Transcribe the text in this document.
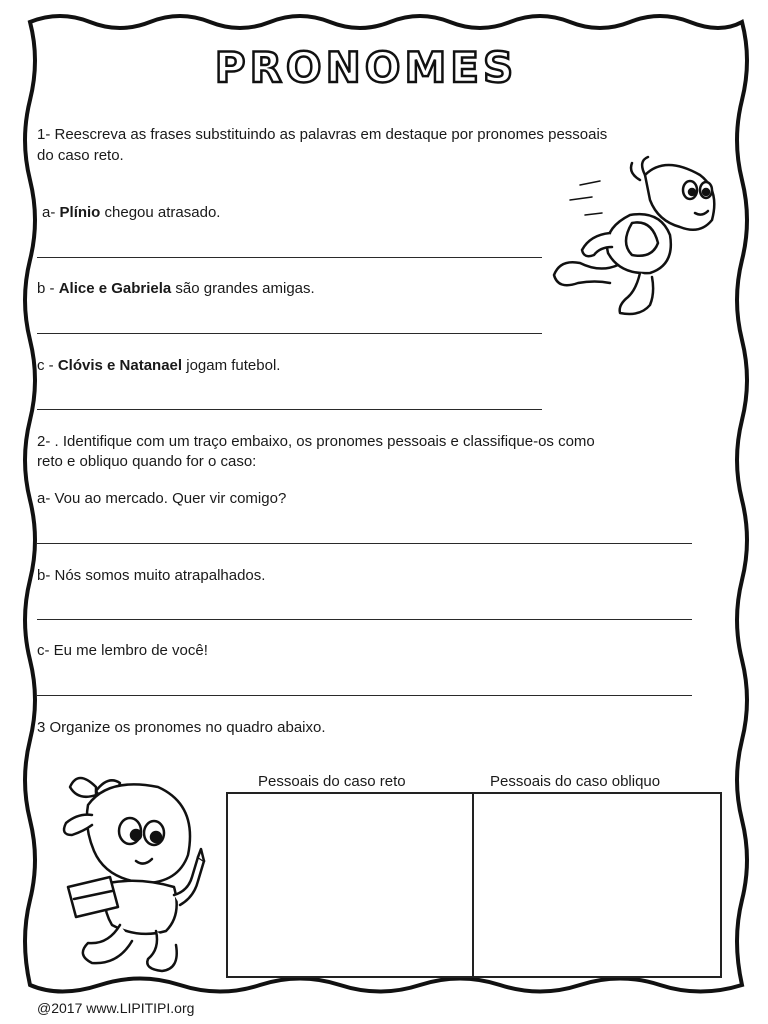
PRONOMES
1- Reescreva as frases substituindo as palavras em destaque por pronomes pessoais
do caso reto.
a- Plínio chegou atrasado.
b - Alice e Gabriela são grandes amigas.
c - Clóvis e Natanael jogam futebol.
2- . Identifique com um traço embaixo, os pronomes pessoais e classifique-os como
reto e obliquo quando for o caso:
a- Vou ao mercado. Quer vir comigo?
b- Nós somos muito atrapalhados.
c- Eu me lembro de você!
3 Organize os pronomes no quadro abaixo.
Pessoais do caso reto	Pessoais do caso obliquo
@2017 www.LIPITIPI.org
